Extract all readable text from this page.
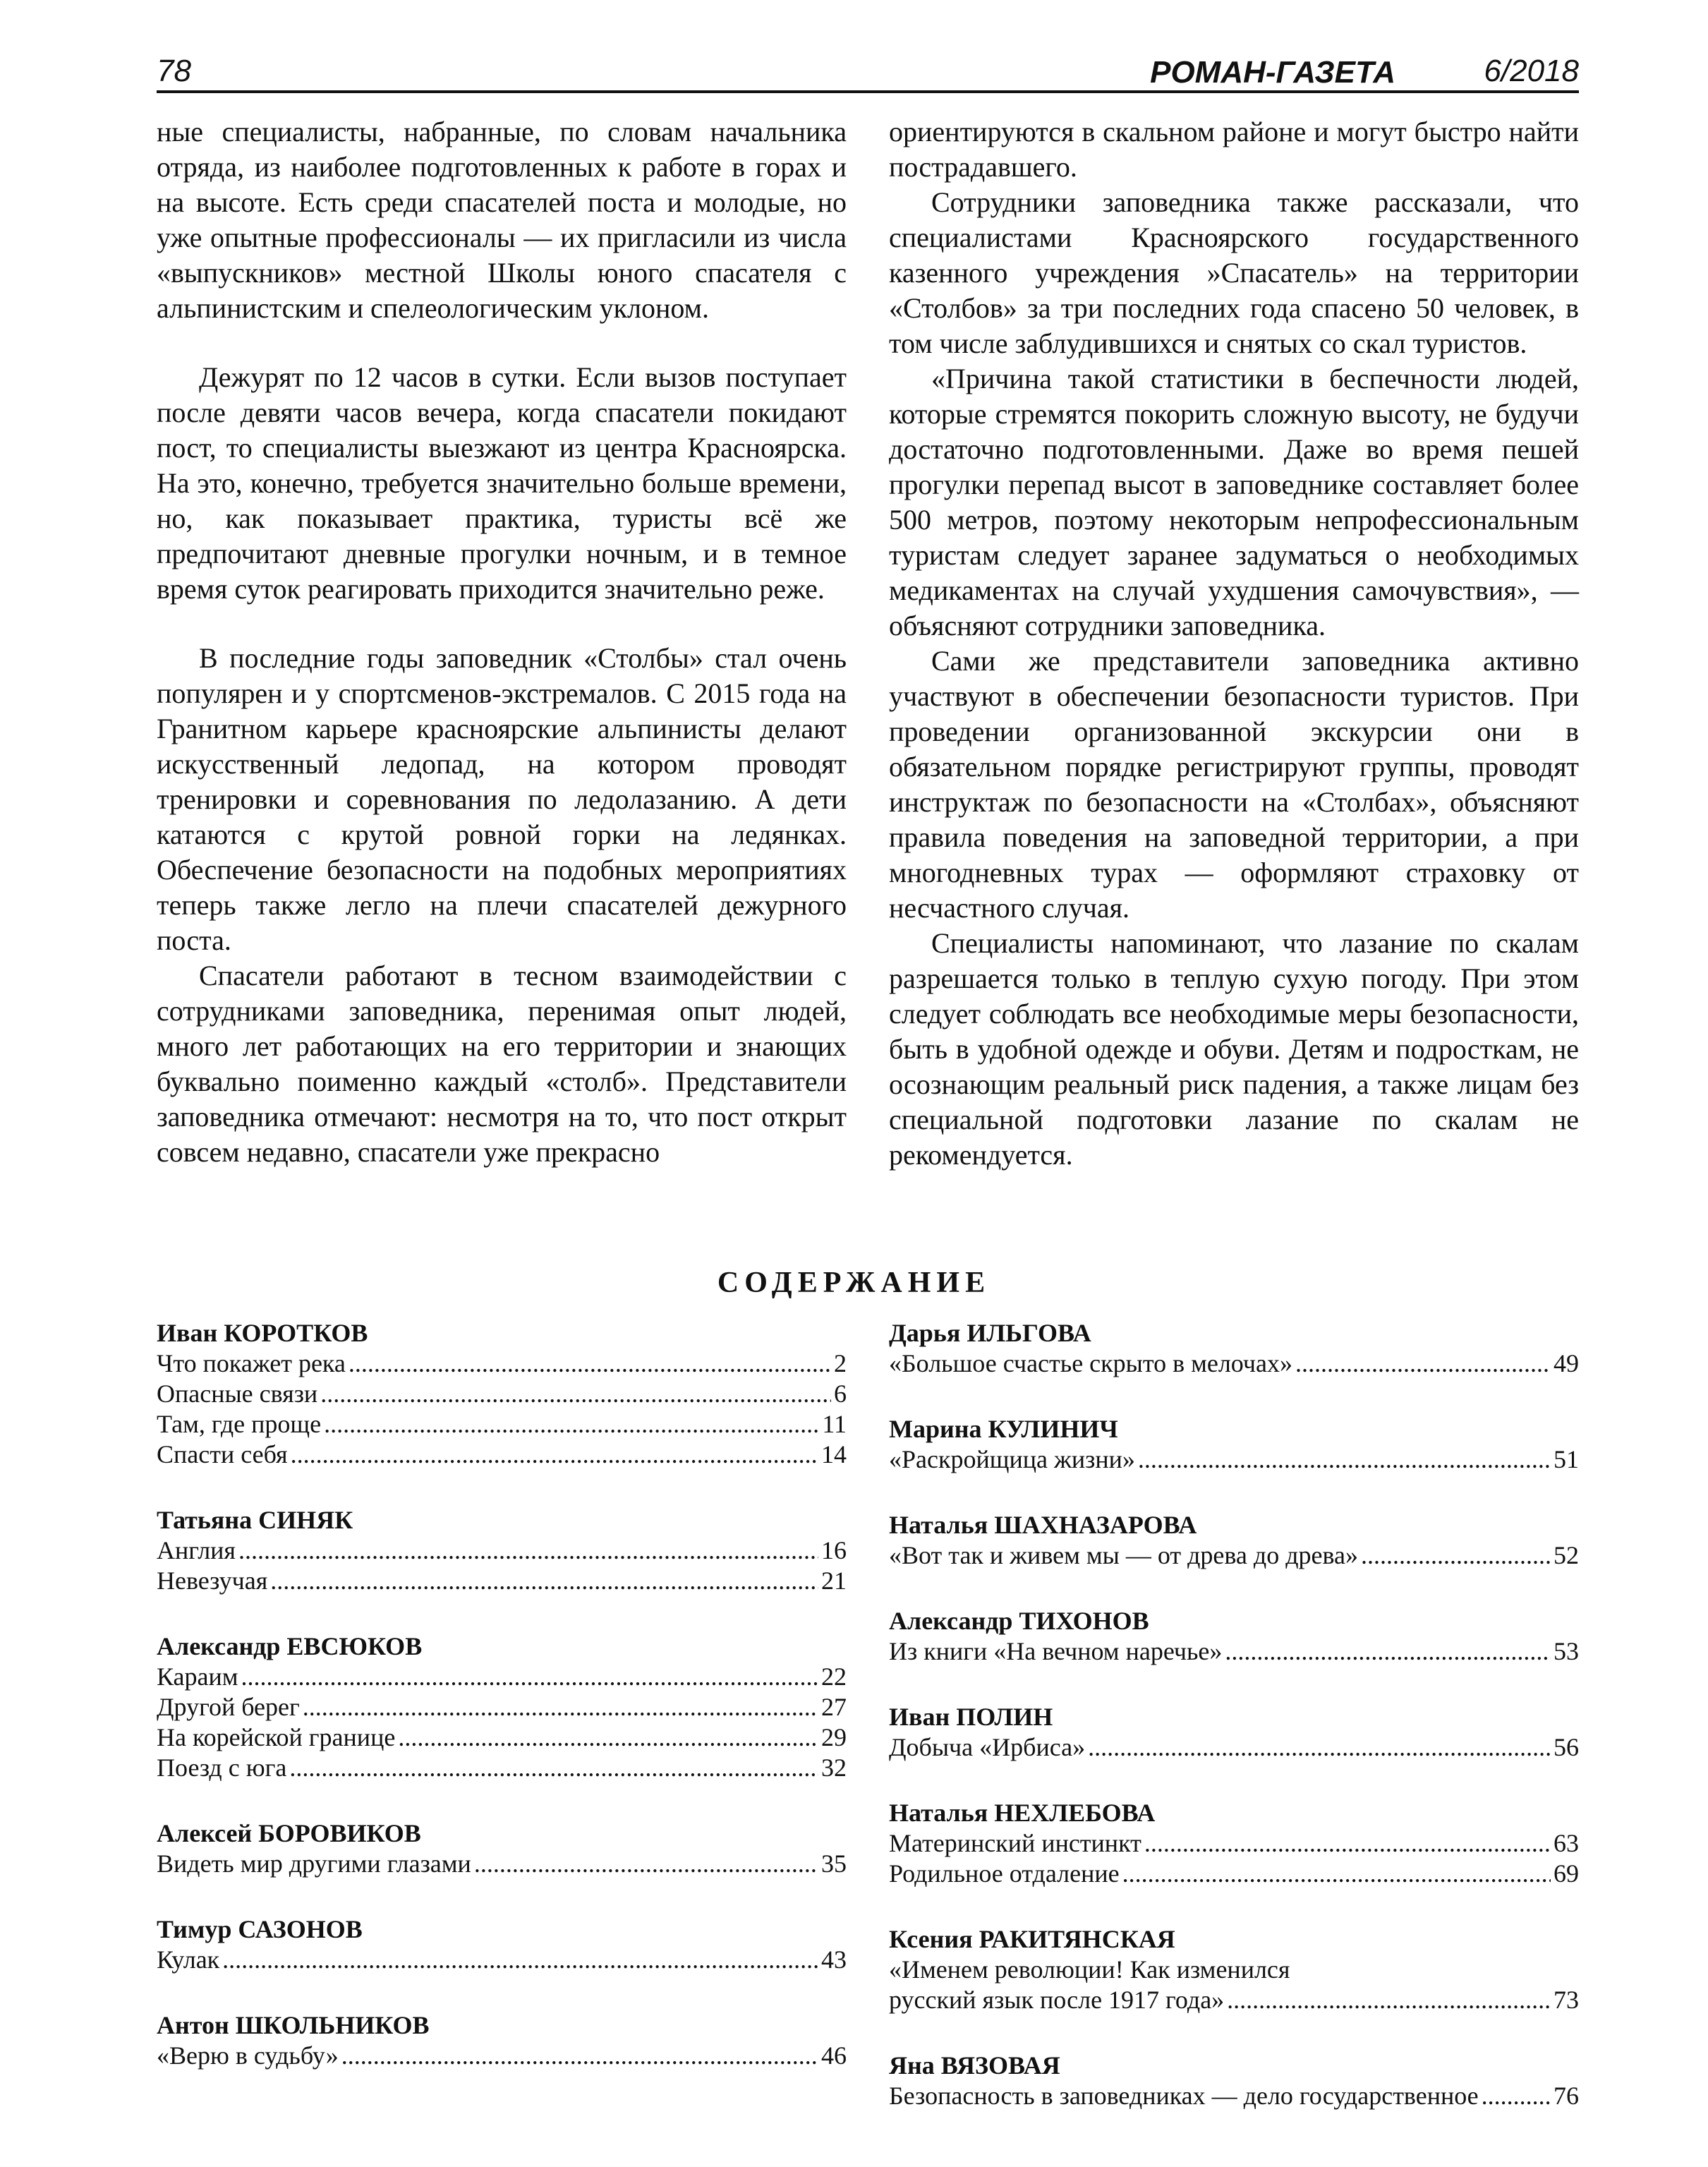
78	РОМАН-ГАЗЕТА	6/2018

ные специалисты, набранные, по словам начальника отряда, из наиболее подготовленных к работе в горах и на высоте. Есть среди спасателей поста и молодые, но уже опытные профессионалы — их пригласили из числа «выпускников» местной Школы юного спасателя с альпинистским и спелеологическим уклоном.

Дежурят по 12 часов в сутки. Если вызов поступает после девяти часов вечера, когда спасатели покидают пост, то специалисты выезжают из центра Красноярска. На это, конечно, требуется значительно больше времени, но, как показывает практика, туристы всё же предпочитают дневные прогулки ночным, и в темное время суток реагировать приходится значительно реже.

В последние годы заповедник «Столбы» стал очень популярен и у спортсменов-экстремалов. С 2015 года на Гранитном карьере красноярские альпинисты делают искусственный ледопад, на котором проводят тренировки и соревнования по ледолазанию. А дети катаются с крутой ровной горки на ледянках. Обеспечение безопасности на подобных мероприятиях теперь также легло на плечи спасателей дежурного поста.

Спасатели работают в тесном взаимодействии с сотрудниками заповедника, перенимая опыт людей, много лет работающих на его территории и знающих буквально поименно каждый «столб». Представители заповедника отмечают: несмотря на то, что пост открыт совсем недавно, спасатели уже прекрасно

ориентируются в скальном районе и могут быстро найти пострадавшего.

Сотрудники заповедника также рассказали, что специалистами Красноярского государственного казенного учреждения »Спасатель» на территории «Столбов» за три последних года спасено 50 человек, в том числе заблудившихся и снятых со скал туристов.

«Причина такой статистики в беспечности людей, которые стремятся покорить сложную высоту, не будучи достаточно подготовленными. Даже во время пешей прогулки перепад высот в заповеднике составляет более 500 метров, поэтому некоторым непрофессиональным туристам следует заранее задуматься о необходимых медикаментах на случай ухудшения самочувствия», — объясняют сотрудники заповедника.

Сами же представители заповедника активно участвуют в обеспечении безопасности туристов. При проведении организованной экскурсии они в обязательном порядке регистрируют группы, проводят инструктаж по безопасности на «Столбах», объясняют правила поведения на заповедной территории, а при многодневных турах — оформляют страховку от несчастного случая.

Специалисты напоминают, что лазание по скалам разрешается только в теплую сухую погоду. При этом следует соблюдать все необходимые меры безопасности, быть в удобной одежде и обуви. Детям и подросткам, не осознающим реальный риск падения, а также лицам без специальной подготовки лазание по скалам не рекомендуется.

СОДЕРЖАНИЕ
Иван КОРОТКОВ
Что покажет река .....	2
Опасные связи .....	6
Там, где проще .....	11
Спасти себя .....	14
Татьяна СИНЯК
Англия .....	16
Невезучая .....	21
Александр ЕВСЮКОВ
Караим .....	22
Другой берег .....	27
На корейской границе .....	29
Поезд с юга .....	32
Алексей БОРОВИКОВ
Видеть мир другими глазами .....	35
Тимур САЗОНОВ
Кулак .....	43
Антон ШКОЛЬНИКОВ
«Верю в судьбу» .....	46
Дарья ИЛЬГОВА
«Большое счастье скрыто в мелочах» .....	49
Марина КУЛИНИЧ
«Раскройщица жизни» .....	51
Наталья ШАХНАЗАРОВА
«Вот так и живем мы — от древа до древа» .....	52
Александр ТИХОНОВ
Из книги «На вечном наречье» .....	53
Иван ПОЛИН
Добыча «Ирбиса» .....	56
Наталья НЕХЛЕБОВА
Материнский инстинкт .....	63
Родильное отдаление .....	69
Ксения РАКИТЯНСКАЯ
«Именем революции! Как изменился
русский язык после 1917 года» .....	73
Яна ВЯЗОВАЯ
Безопасность в заповедниках — дело государственное .....	76
